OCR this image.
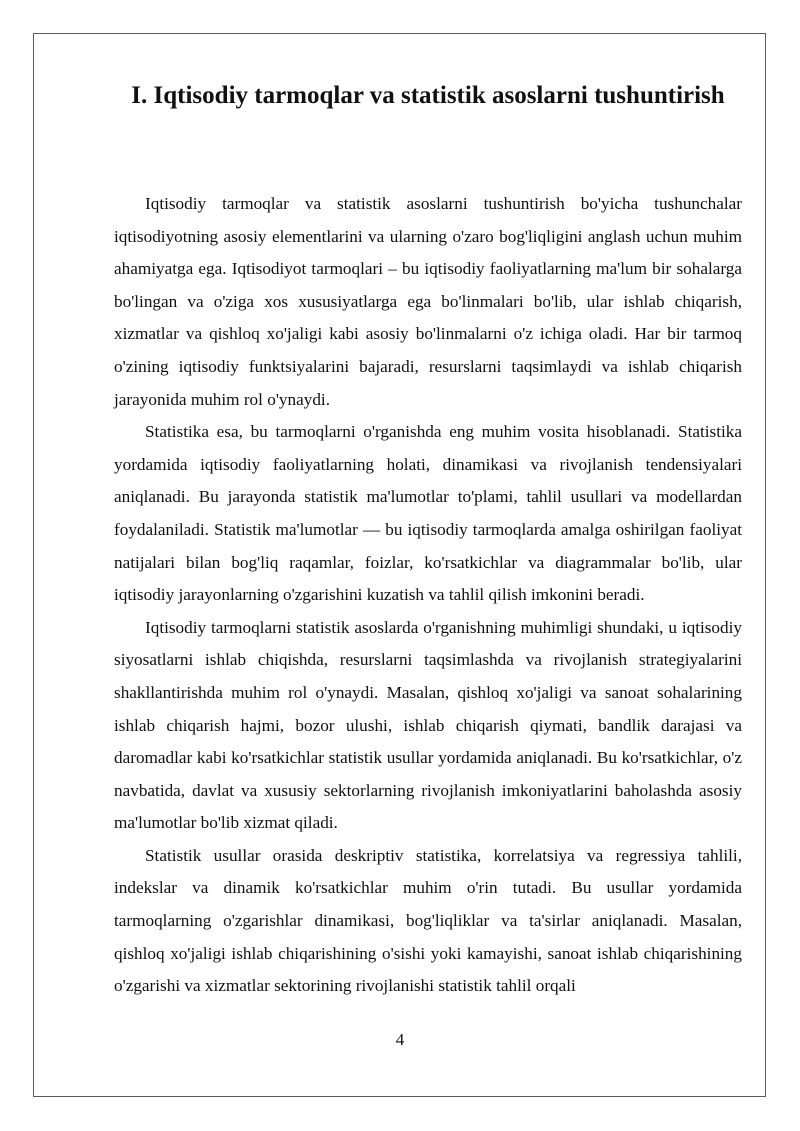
I. Iqtisodiy tarmoqlar va statistik asoslarni tushuntirish

Iqtisodiy tarmoqlar va statistik asoslarni tushuntirish bo'yicha tushunchalar iqtisodiyotning asosiy elementlarini va ularning o'zaro bog'liqligini anglash uchun muhim ahamiyatga ega. Iqtisodiyot tarmoqlari – bu iqtisodiy faoliyatlarning ma'lum bir sohalarga bo'lingan va o'ziga xos xususiyatlarga ega bo'linmalari bo'lib, ular ishlab chiqarish, xizmatlar va qishloq xo'jaligi kabi asosiy bo'linmalarni o'z ichiga oladi. Har bir tarmoq o'zining iqtisodiy funktsiyalarini bajaradi, resurslarni taqsimlaydi va ishlab chiqarish jarayonida muhim rol o'ynaydi.

Statistika esa, bu tarmoqlarni o'rganishda eng muhim vosita hisoblanadi. Statistika yordamida iqtisodiy faoliyatlarning holati, dinamikasi va rivojlanish tendensiyalari aniqlanadi. Bu jarayonda statistik ma'lumotlar to'plami, tahlil usullari va modellardan foydalaniladi. Statistik ma'lumotlar — bu iqtisodiy tarmoqlarda amalga oshirilgan faoliyat natijalari bilan bog'liq raqamlar, foizlar, ko'rsatkichlar va diagrammalar bo'lib, ular iqtisodiy jarayonlarning o'zgarishini kuzatish va tahlil qilish imkonini beradi.

Iqtisodiy tarmoqlarni statistik asoslarda o'rganishning muhimligi shundaki, u iqtisodiy siyosatlarni ishlab chiqishda, resurslarni taqsimlashda va rivojlanish strategiyalarini shakllantirishda muhim rol o'ynaydi. Masalan, qishloq xo'jaligi va sanoat sohalarining ishlab chiqarish hajmi, bozor ulushi, ishlab chiqarish qiymati, bandlik darajasi va daromadlar kabi ko'rsatkichlar statistik usullar yordamida aniqlanadi. Bu ko'rsatkichlar, o'z navbatida, davlat va xususiy sektorlarning rivojlanish imkoniyatlarini baholashda asosiy ma'lumotlar bo'lib xizmat qiladi.

Statistik usullar orasida deskriptiv statistika, korrelatsiya va regressiya tahlili, indekslar va dinamik ko'rsatkichlar muhim o'rin tutadi. Bu usullar yordamida tarmoqlarning o'zgarishlar dinamikasi, bog'liqliklar va ta'sirlar aniqlanadi. Masalan, qishloq xo'jaligi ishlab chiqarishining o'sishi yoki kamayishi, sanoat ishlab chiqarishining o'zgarishi va xizmatlar sektorining rivojlanishi statistik tahlil orqali

4
